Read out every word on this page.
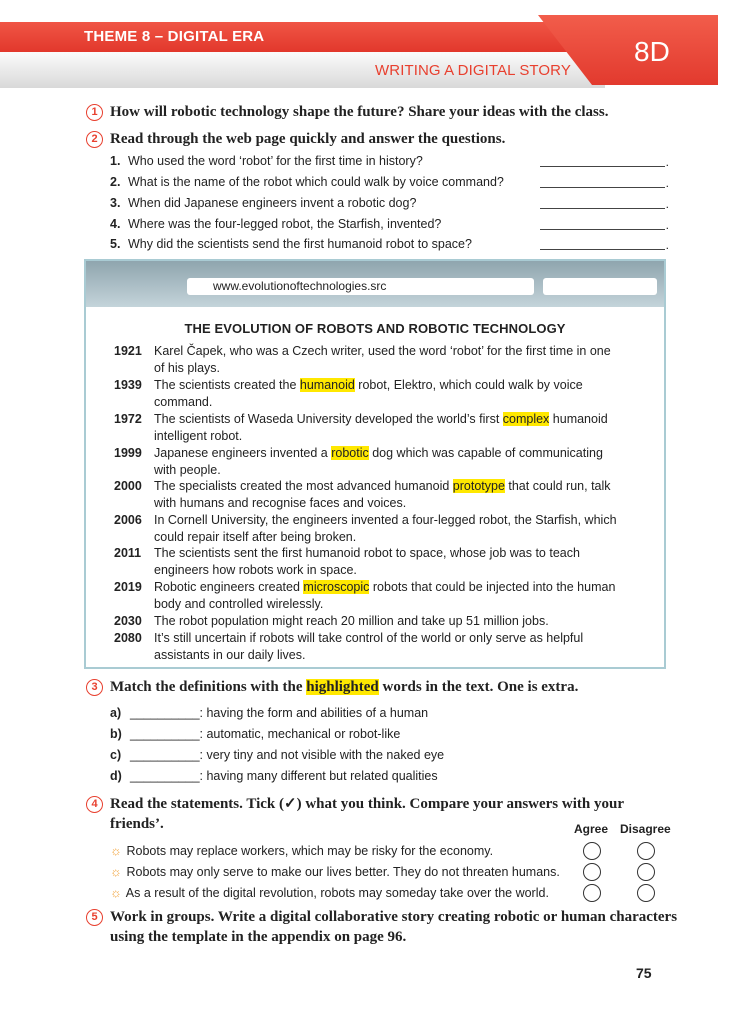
THEME 8 – DIGITAL ERA
WRITING A DIGITAL STORY
8D
1 How will robotic technology shape the future? Share your ideas with the class.
2 Read through the web page quickly and answer the questions.
1. Who used the word ‘robot’ for the first time in history?
.
2. What is the name of the robot which could walk by voice command?
.
3. When did Japanese engineers invent a robotic dog?
.
4. Where was the four-legged robot, the Starfish, invented?
.
5. Why did the scientists send the first humanoid robot to space?
.
www.evolutionoftechnologies.src
THE EVOLUTION OF ROBOTS AND ROBOTIC TECHNOLOGY
1921 Karel Čapek, who was a Czech writer, used the word ‘robot’ for the first time in one
of his plays.
1939 The scientists created the humanoid robot, Elektro, which could walk by voice
command.
1972 The scientists of Waseda University developed the world’s first complex humanoid
intelligent robot.
1999 Japanese engineers invented a robotic dog which was capable of communicating
with people.
2000 The specialists created the most advanced humanoid prototype that could run, talk
with humans and recognise faces and voices.
2006 In Cornell University, the engineers invented a four-legged robot, the Starfish, which
could repair itself after being broken.
2011	The scientists sent the first humanoid robot to space, whose job was to teach
engineers how robots work in space.
2019 Robotic engineers created microscopic robots that could be injected into the human
body and controlled wirelessly.
2030 The robot population might reach 20 million and take up 51 million jobs.
2080 It’s still uncertain if robots will take control of the world or only serve as helpful
assistants in our daily lives.
3 Match the definitions with the highlighted words in the text. One is extra.
a) __________: having the form and abilities of a human
b) __________: automatic, mechanical or robot-like
c) __________: very tiny and not visible with the naked eye
d) __________: having many different but related qualities
4 Read the statements. Tick (✓) what you think. Compare your answers with your
friends’.	Agree Disagree
☼ Robots may replace workers, which may be risky for the economy.
☼ Robots may only serve to make our lives better. They do not threaten humans.
☼ As a result of the digital revolution, robots may someday take over the world.
5 Work in groups. Write a digital collaborative story creating robotic or human characters
using the template in the appendix on page 96.
75
